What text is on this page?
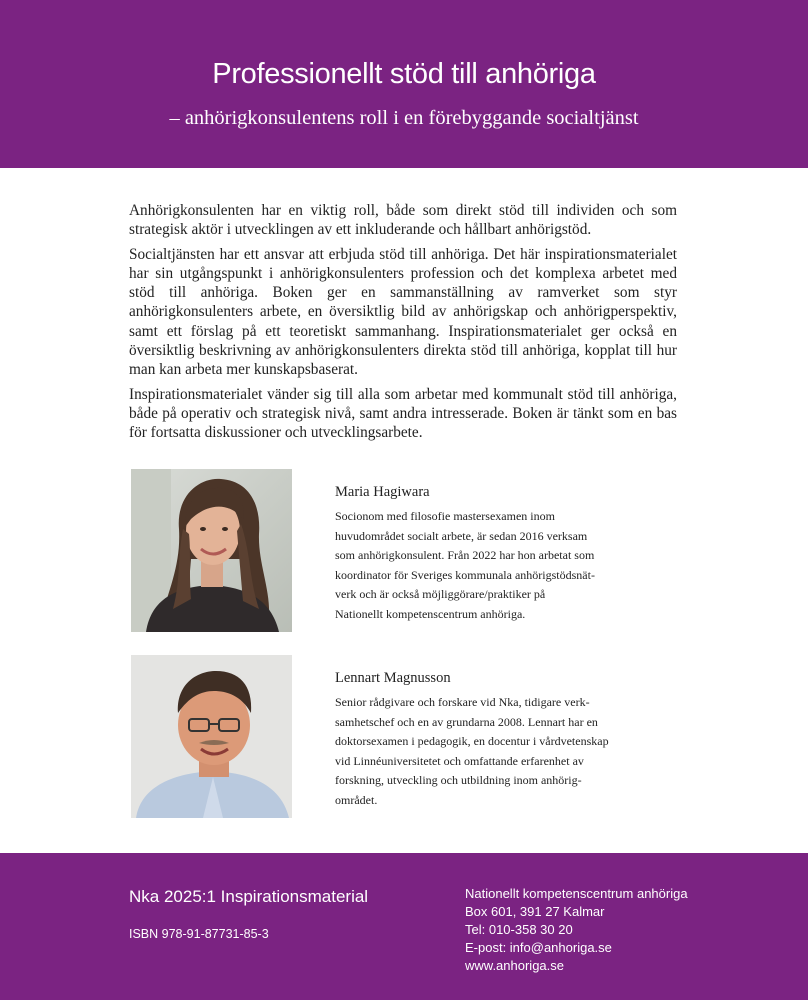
Professionellt stöd till anhöriga
– anhörigkonsulentens roll i en förebyggande socialtjänst

Anhörigkonsulenten har en viktig roll, både som direkt stöd till individen och som strategisk aktör i utvecklingen av ett inkluderande och hållbart anhörigstöd.

Socialtjänsten har ett ansvar att erbjuda stöd till anhöriga. Det här inspirationsmaterialet har sin utgångspunkt i anhörigkonsulenters profession och det komplexa arbetet med stöd till anhöriga. Boken ger en sammanställning av ramverket som styr anhörigkonsulenters arbete, en översiktlig bild av anhörigskap och anhörigperspektiv, samt ett förslag på ett teoretiskt sammanhang. Inspirationsmaterialet ger också en översiktlig beskrivning av anhörigkonsulenters direkta stöd till anhöriga, kopplat till hur man kan arbeta mer kunskapsbaserat.

Inspirationsmaterialet vänder sig till alla som arbetar med kommunalt stöd till anhöriga, både på operativ och strategisk nivå, samt andra intresserade. Boken är tänkt som en bas för fortsatta diskussioner och utvecklingsarbete.

Maria Hagiwara
Socionom med filosofie mastersexamen inom
huvudområdet socialt arbete, är sedan 2016 verksam
som anhörigkonsulent. Från 2022 har hon arbetat som
koordinator för Sveriges kommunala anhörigstödsnät-
verk och är också möjliggörare/praktiker på
Nationellt kompetenscentrum anhöriga.
Lennart Magnusson
Senior rådgivare och forskare vid Nka, tidigare verk-
samhetschef och en av grundarna 2008. Lennart har en
doktorsexamen i pedagogik, en docentur i vårdvetenskap
vid Linnéuniversitetet och omfattande erfarenhet av
forskning, utveckling och utbildning inom anhörig-
området.
Nka 2025:1 Inspirationsmaterial
ISBN 978-91-87731-85-3
Nationellt kompetenscentrum anhöriga
Box 601, 391 27 Kalmar
Tel: 010-358 30 20
E-post: info@anhoriga.se
www.anhoriga.se
